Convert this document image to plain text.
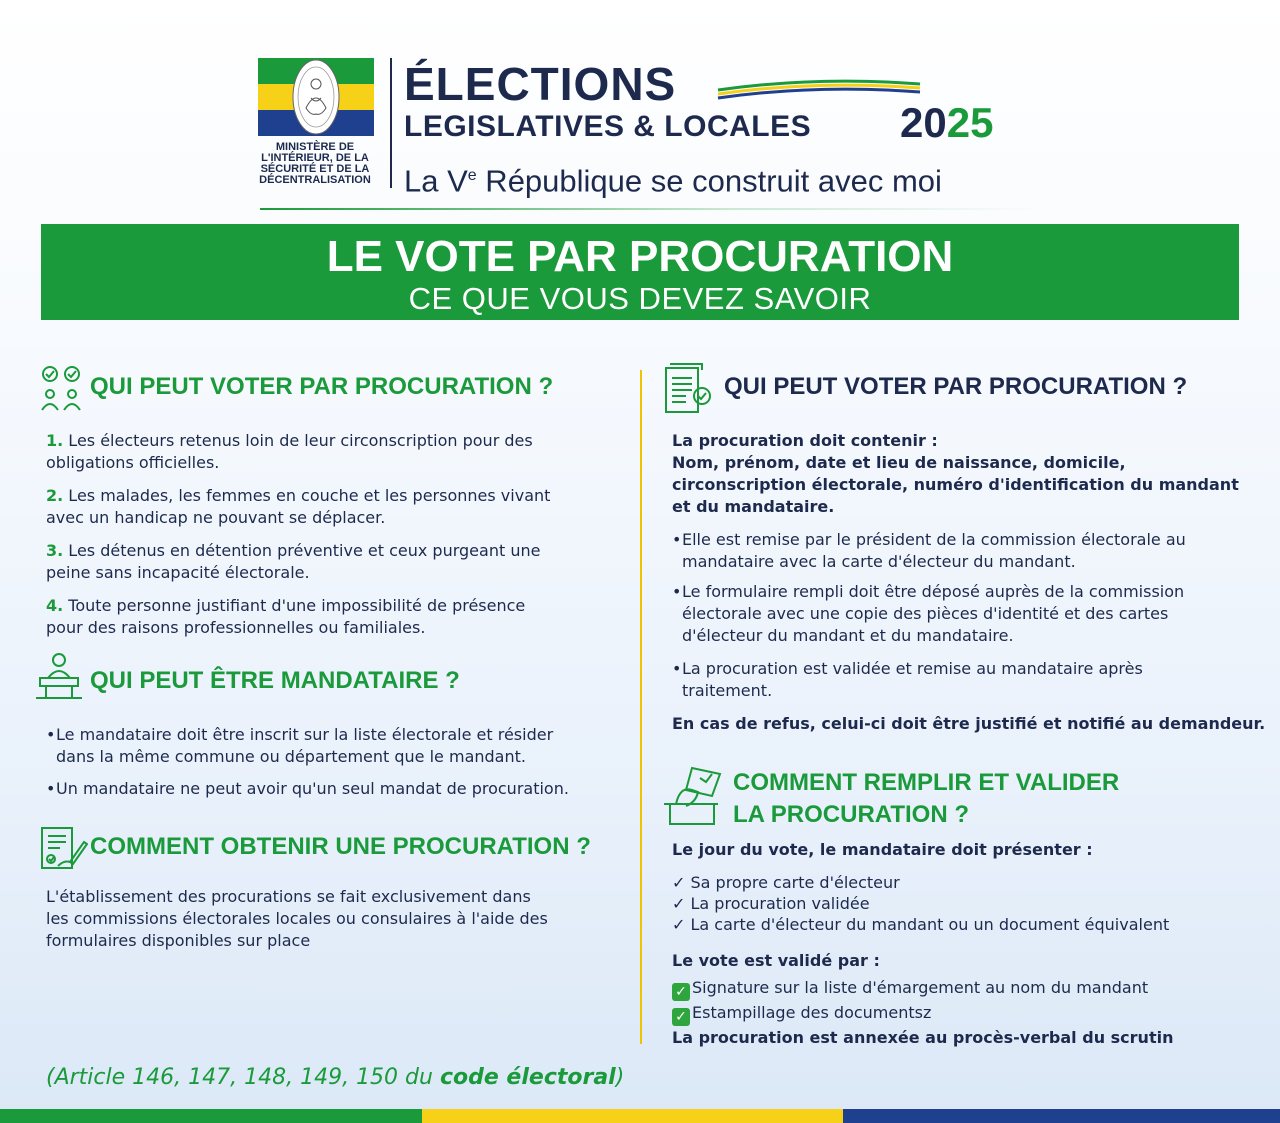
MINISTÈRE DE
L'INTÉRIEUR, DE LA
SÉCURITÉ ET DE LA
DÉCENTRALISATION
ÉLECTIONS
LEGISLATIVES & LOCALES 2025
La Ve République se construit avec moi
LE VOTE PAR PROCURATION
CE QUE VOUS DEVEZ SAVOIR
QUI PEUT VOTER PAR PROCURATION ?
1. Les électeurs retenus loin de leur circonscription pour des
obligations officielles.
2. Les malades, les femmes en couche et les personnes vivant
avec un handicap ne pouvant se déplacer.
3. Les détenus en détention préventive et ceux purgeant une
peine sans incapacité électorale.
4. Toute personne justifiant d'une impossibilité de présence
pour des raisons professionnelles ou familiales.
QUI PEUT ÊTRE MANDATAIRE ?
• Le mandataire doit être inscrit sur la liste électorale et résider
dans la même commune ou département que le mandant.
• Un mandataire ne peut avoir qu'un seul mandat de procuration.
COMMENT OBTENIR UNE PROCURATION ?
L'établissement des procurations se fait exclusivement dans
les commissions électorales locales ou consulaires à l'aide des
formulaires disponibles sur place
(Article 146, 147, 148, 149, 150 du code électoral)
QUI PEUT VOTER PAR PROCURATION ?
La procuration doit contenir :
Nom, prénom, date et lieu de naissance, domicile,
circonscription électorale, numéro d'identification du mandant
et du mandataire.
• Elle est remise par le président de la commission électorale au
mandataire avec la carte d'électeur du mandant.
• Le formulaire rempli doit être déposé auprès de la commission
électorale avec une copie des pièces d'identité et des cartes
d'électeur du mandant et du mandataire.
• La procuration est validée et remise au mandataire après
traitement.
En cas de refus, celui-ci doit être justifié et notifié au demandeur.
COMMENT REMPLIR ET VALIDER
LA PROCURATION ?
Le jour du vote, le mandataire doit présenter :
✓ Sa propre carte d'électeur
✓ La procuration validée
✓ La carte d'électeur du mandant ou un document équivalent
Le vote est validé par :
✓ Signature sur la liste d'émargement au nom du mandant
✓ Estampillage des documentsz
La procuration est annexée au procès-verbal du scrutin
